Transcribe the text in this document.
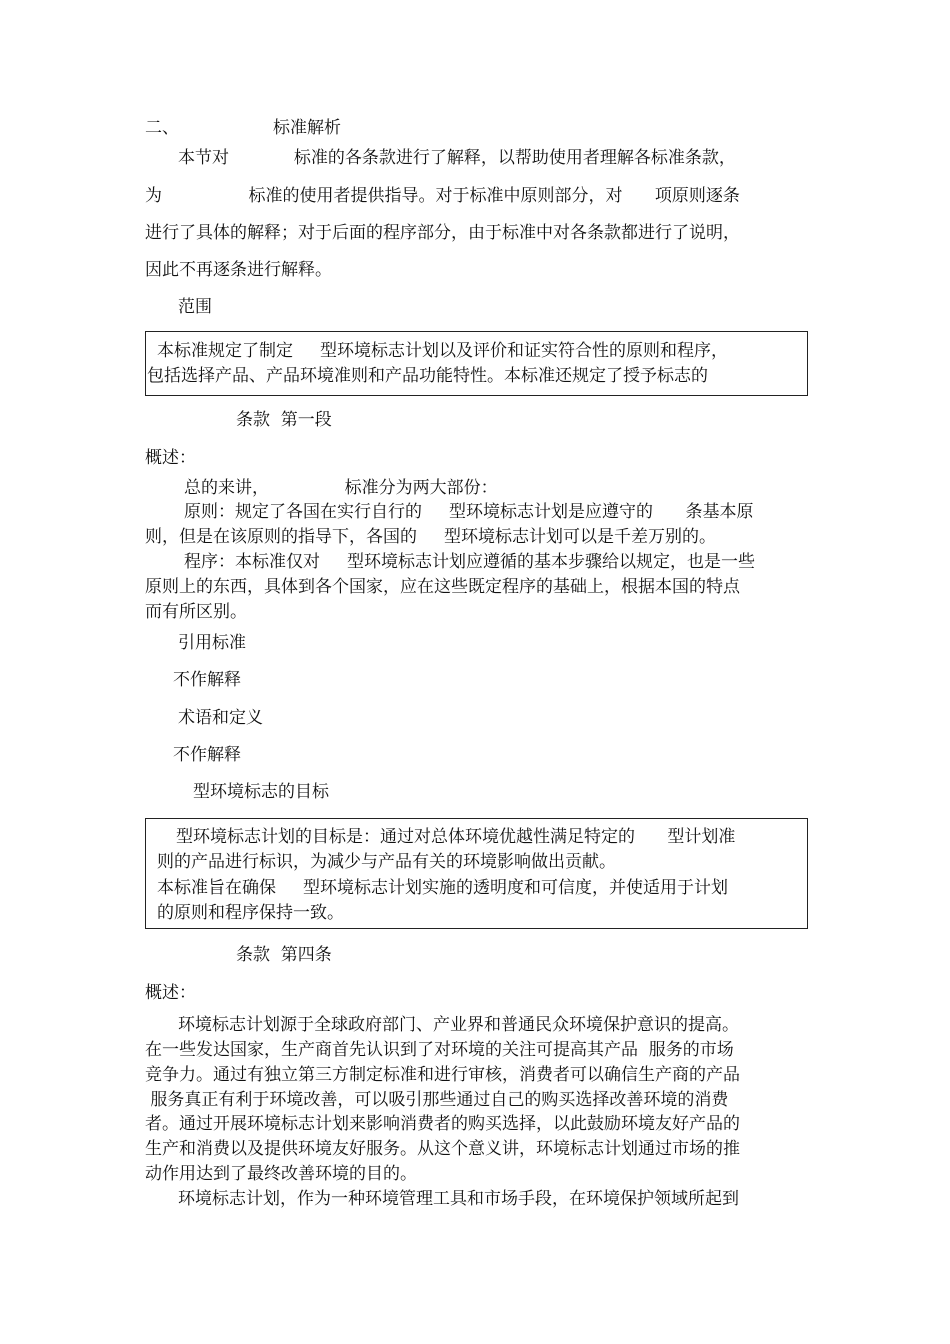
二、	标准解析
本节对            标准的各条款进行了解释，以帮助使用者理解各标准条款，
为                标准的使用者提供指导。对于标准中原则部分，对      项原则逐条
进行了具体的解释；对于后面的程序部分，由于标准中对各条款都进行了说明，
因此不再逐条进行解释。
范围
本标准规定了制定     型环境标志计划以及评价和证实符合性的原则和程序，
包括选择产品、产品环境准则和产品功能特性。本标准还规定了授予标志的
条款  第一段
概述：
总的来讲，              标准分为两大部份：
原则：规定了各国在实行自行的     型环境标志计划是应遵守的      条基本原
则，但是在该原则的指导下，各国的     型环境标志计划可以是千差万别的。
程序：本标准仅对     型环境标志计划应遵循的基本步骤给以规定，也是一些
原则上的东西，具体到各个国家，应在这些既定程序的基础上，根据本国的特点
而有所区别。
引用标准
不作解释
术语和定义
不作解释
型环境标志的目标
型环境标志计划的目标是：通过对总体环境优越性满足特定的      型计划准
则的产品进行标识，为减少与产品有关的环境影响做出贡献。
本标准旨在确保     型环境标志计划实施的透明度和可信度，并使适用于计划
的原则和程序保持一致。
条款  第四条
概述：
环境标志计划源于全球政府部门、产业界和普通民众环境保护意识的提高。
在一些发达国家，生产商首先认识到了对环境的关注可提高其产品  服务的市场
竞争力。通过有独立第三方制定标准和进行审核，消费者可以确信生产商的产品
服务真正有利于环境改善，可以吸引那些通过自己的购买选择改善环境的消费
者。通过开展环境标志计划来影响消费者的购买选择，以此鼓励环境友好产品的
生产和消费以及提供环境友好服务。从这个意义讲，环境标志计划通过市场的推
动作用达到了最终改善环境的目的。
环境标志计划，作为一种环境管理工具和市场手段，在环境保护领域所起到
